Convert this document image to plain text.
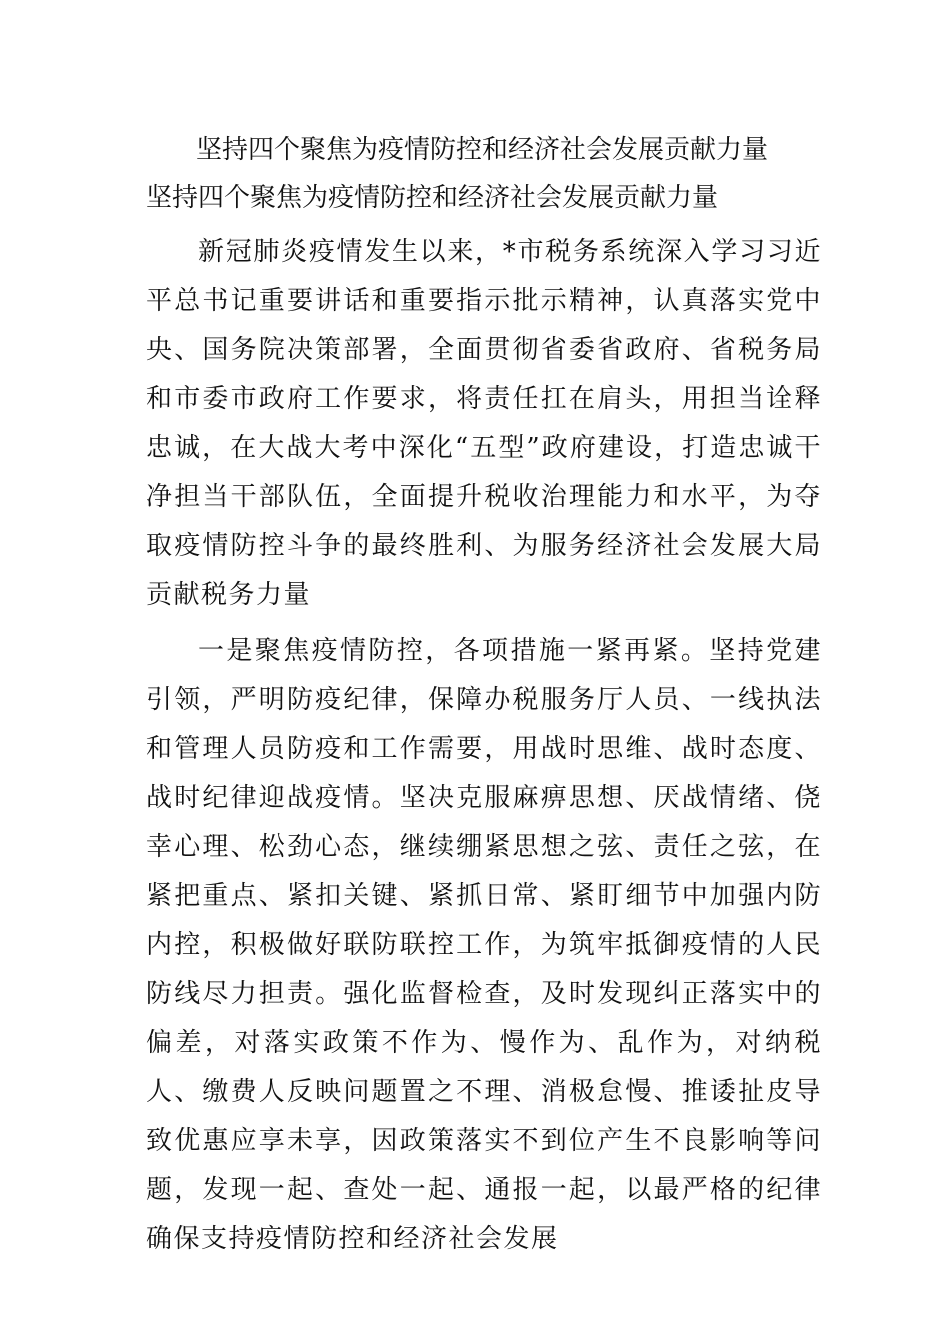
坚持四个聚焦为疫情防控和经济社会发展贡献力量
坚持四个聚焦为疫情防控和经济社会发展贡献力量

新冠肺炎疫情发生以来，*市税务系统深入学习习近平总书记重要讲话和重要指示批示精神，认真落实党中央、国务院决策部署，全面贯彻省委省政府、省税务局和市委市政府工作要求，将责任扛在肩头，用担当诠释忠诚，在大战大考中深化“五型”政府建设，打造忠诚干净担当干部队伍，全面提升税收治理能力和水平，为夺取疫情防控斗争的最终胜利、为服务经济社会发展大局贡献税务力量

一是聚焦疫情防控，各项措施一紧再紧。坚持党建引领，严明防疫纪律，保障办税服务厅人员、一线执法和管理人员防疫和工作需要，用战时思维、战时态度、战时纪律迎战疫情。坚决克服麻痹思想、厌战情绪、侥幸心理、松劲心态，继续绷紧思想之弦、责任之弦，在紧把重点、紧扣关键、紧抓日常、紧盯细节中加强内防内控，积极做好联防联控工作，为筑牢抵御疫情的人民防线尽力担责。强化监督检查，及时发现纠正落实中的偏差，对落实政策不作为、慢作为、乱作为，对纳税人、缴费人反映问题置之不理、消极怠慢、推诿扯皮导致优惠应享未享，因政策落实不到位产生不良影响等问题，发现一起、查处一起、通报一起，以最严格的纪律确保支持疫情防控和经济社会发展
